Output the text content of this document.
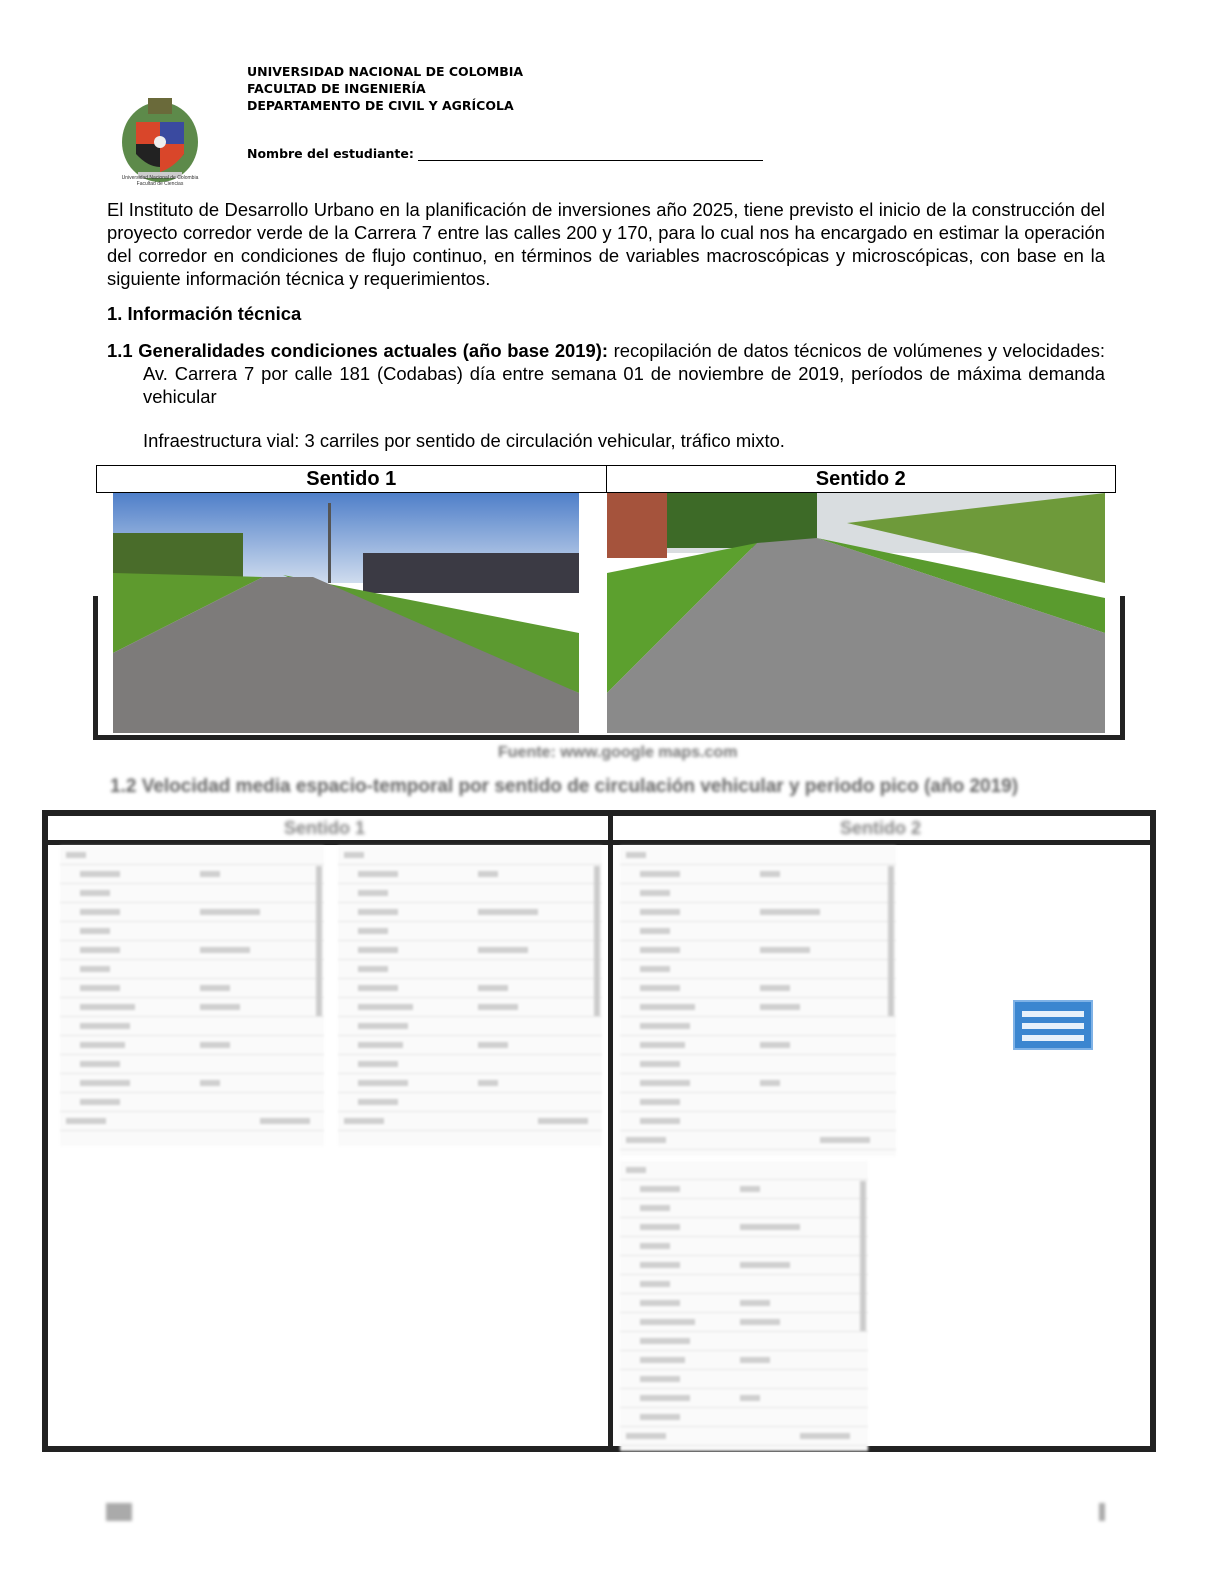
Universidad Nacional de Colombia Facultad de Ciencias
UNIVERSIDAD NACIONAL DE COLOMBIA
FACULTAD DE INGENIERÍA
DEPARTAMENTO DE CIVIL Y AGRÍCOLA
Nombre del estudiante:
El Instituto de Desarrollo Urbano en la planificación de inversiones año 2025, tiene previsto el inicio de la construcción del proyecto corredor verde de la Carrera 7 entre las calles 200 y 170, para lo cual nos ha encargado en estimar la operación del corredor en condiciones de flujo continuo, en términos de variables macroscópicas y microscópicas, con base en la siguiente información técnica y requerimientos.
1. Información técnica
1.1 Generalidades condiciones actuales (año base 2019): recopilación de datos técnicos de volúmenes y velocidades: Av. Carrera 7 por calle 181 (Codabas) día entre semana 01 de noviembre de 2019, períodos de máxima demanda vehicular
Infraestructura vial: 3 carriles por sentido de circulación vehicular, tráfico mixto.
Sentido 1	Sentido 2
Fuente: www.google maps.com
1.2 Velocidad media espacio-temporal por sentido de circulación vehicular y periodo pico (año 2019)
Sentido 1	Sentido 2
